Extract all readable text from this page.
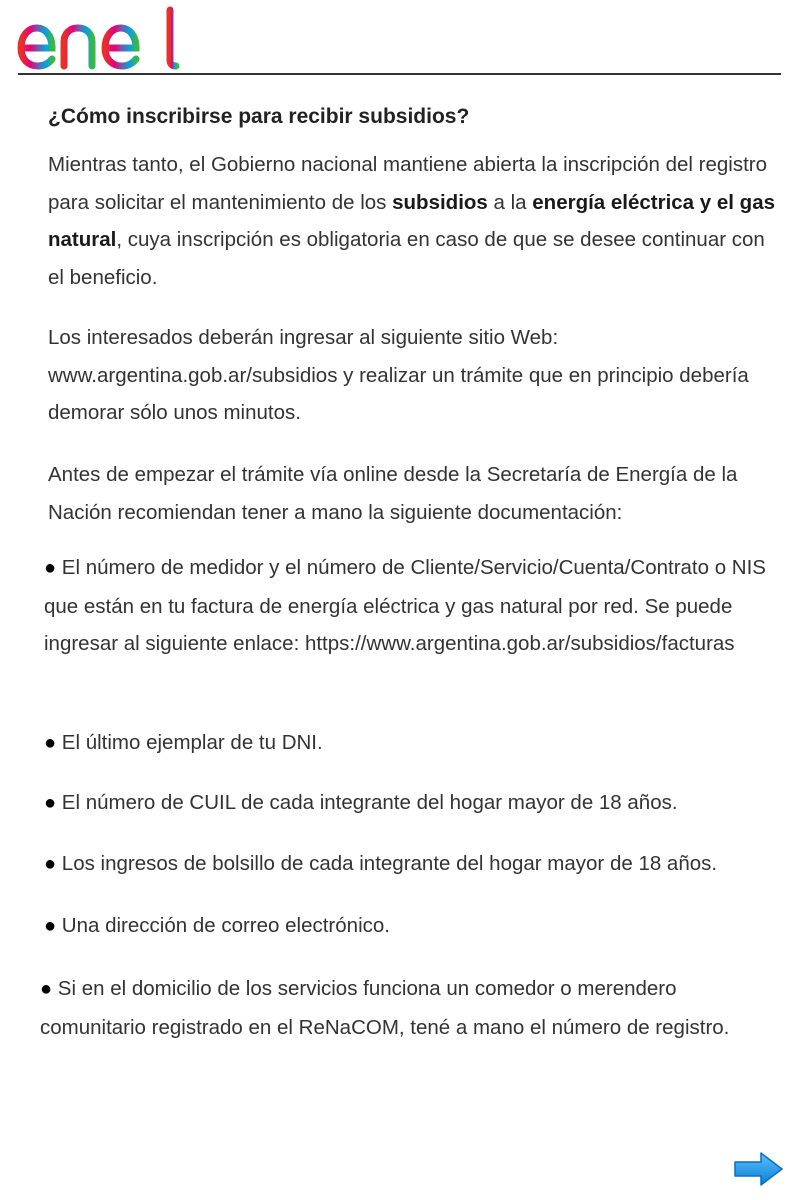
¿Cómo inscribirse para recibir subsidios?

Mientras tanto, el Gobierno nacional mantiene abierta la inscripción del registro para solicitar el mantenimiento de los subsidios a la energía eléctrica y el gas natural, cuya inscripción es obligatoria en caso de que se desee continuar con el beneficio.

Los interesados deberán ingresar al siguiente sitio Web: www.argentina.gob.ar/subsidios y realizar un trámite que en principio debería demorar sólo unos minutos.

Antes de empezar el trámite vía online desde la Secretaría de Energía de la Nación recomiendan tener a mano la siguiente documentación:

● El número de medidor y el número de Cliente/Servicio/Cuenta/Contrato o NIS que están en tu factura de energía eléctrica y gas natural por red. Se puede ingresar al siguiente enlace: https://www.argentina.gob.ar/subsidios/facturas

● El último ejemplar de tu DNI.

● El número de CUIL de cada integrante del hogar mayor de 18 años.

● Los ingresos de bolsillo de cada integrante del hogar mayor de 18 años.

● Una dirección de correo electrónico.

● Si en el domicilio de los servicios funciona un comedor o merendero comunitario registrado en el ReNaCOM, tené a mano el número de registro.
